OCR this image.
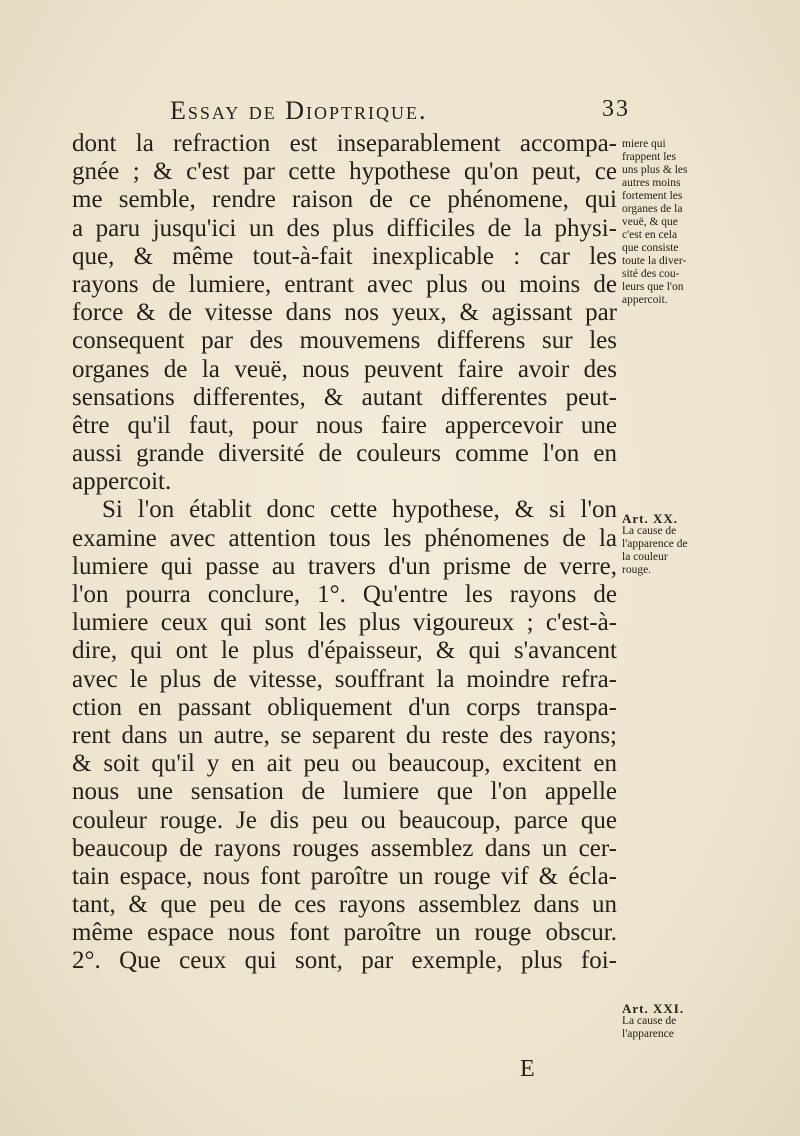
Essay de Dioptrique.	33
dont la refraction est inseparablement accompa-
gnée ; & c'est par cette hypothese qu'on peut, ce
me semble, rendre raison de ce phénomene, qui
a paru jusqu'ici un des plus difficiles de la physi-
que, & même tout-à-fait inexplicable : car les
rayons de lumiere, entrant avec plus ou moins de
force & de vitesse dans nos yeux, & agissant par
consequent par des mouvemens differens sur les
organes de la veuë, nous peuvent faire avoir des
sensations differentes, & autant differentes peut-
être qu'il faut, pour nous faire appercevoir une
aussi grande diversité de couleurs comme l'on en
appercoit.
Si l'on établit donc cette hypothese, & si l'on
examine avec attention tous les phénomenes de la
lumiere qui passe au travers d'un prisme de verre,
l'on pourra conclure, 1°. Qu'entre les rayons de
lumiere ceux qui sont les plus vigoureux ; c'est-à-
dire, qui ont le plus d'épaisseur, & qui s'avancent
avec le plus de vitesse, souffrant la moindre refra-
ction en passant obliquement d'un corps transpa-
rent dans un autre, se separent du reste des rayons;
& soit qu'il y en ait peu ou beaucoup, excitent en
nous une sensation de lumiere que l'on appelle
couleur rouge. Je dis peu ou beaucoup, parce que
beaucoup de rayons rouges assemblez dans un cer-
tain espace, nous font paroître un rouge vif & écla-
tant, & que peu de ces rayons assemblez dans un
même espace nous font paroître un rouge obscur.
2°. Que ceux qui sont, par exemple, plus foi-
miere qui
frappent les
uns plus & les
autres moins
fortement les
organes de la
veuë, & que
c'est en cela
que consiste
toute la diver-
sité des cou-
leurs que l'on
appercoit.
Art. XX.
La cause de
l'apparence de
la couleur
rouge.
Art. XXI.
La cause de
l'apparence
E
